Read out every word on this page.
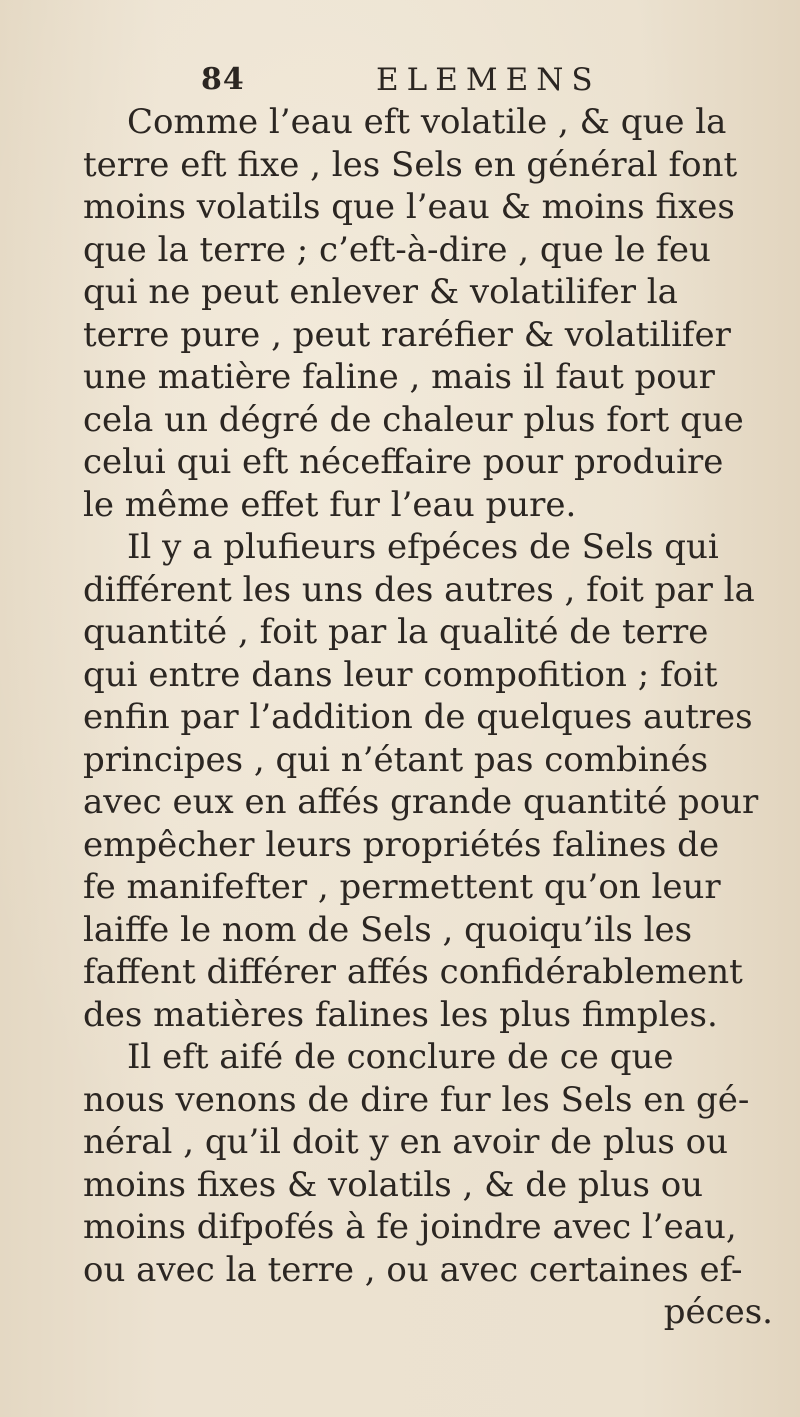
84	ELEMENS
Comme l’eau eft volatile , & que la
terre eft fixe , les Sels en général font
moins volatils que l’eau & moins fixes
que la terre ; c’eft-à-dire , que le feu
qui ne peut enlever & volatilifer la
terre pure , peut raréfier & volatilifer
une matière faline , mais il faut pour
cela un dégré de chaleur plus fort que
celui qui eft néceffaire pour produire
le même effet fur l’eau pure.
Il y a plufieurs efpéces de Sels qui
différent les uns des autres , foit par la
quantité , foit par la qualité de terre
qui entre dans leur compofition ; foit
enfin par l’addition de quelques autres
principes , qui n’étant pas combinés
avec eux en affés grande quantité pour
empêcher leurs propriétés falines de
fe manifefter , permettent qu’on leur
laiffe le nom de Sels , quoiqu’ils les
faffent différer affés confidérablement
des matières falines les plus fimples.
Il eft aifé de conclure de ce que
nous venons de dire fur les Sels en gé-
néral , qu’il doit y en avoir de plus ou
moins fixes & volatils , & de plus ou
moins difpofés à fe joindre avec l’eau,
ou avec la terre , ou avec certaines ef-
péces.
